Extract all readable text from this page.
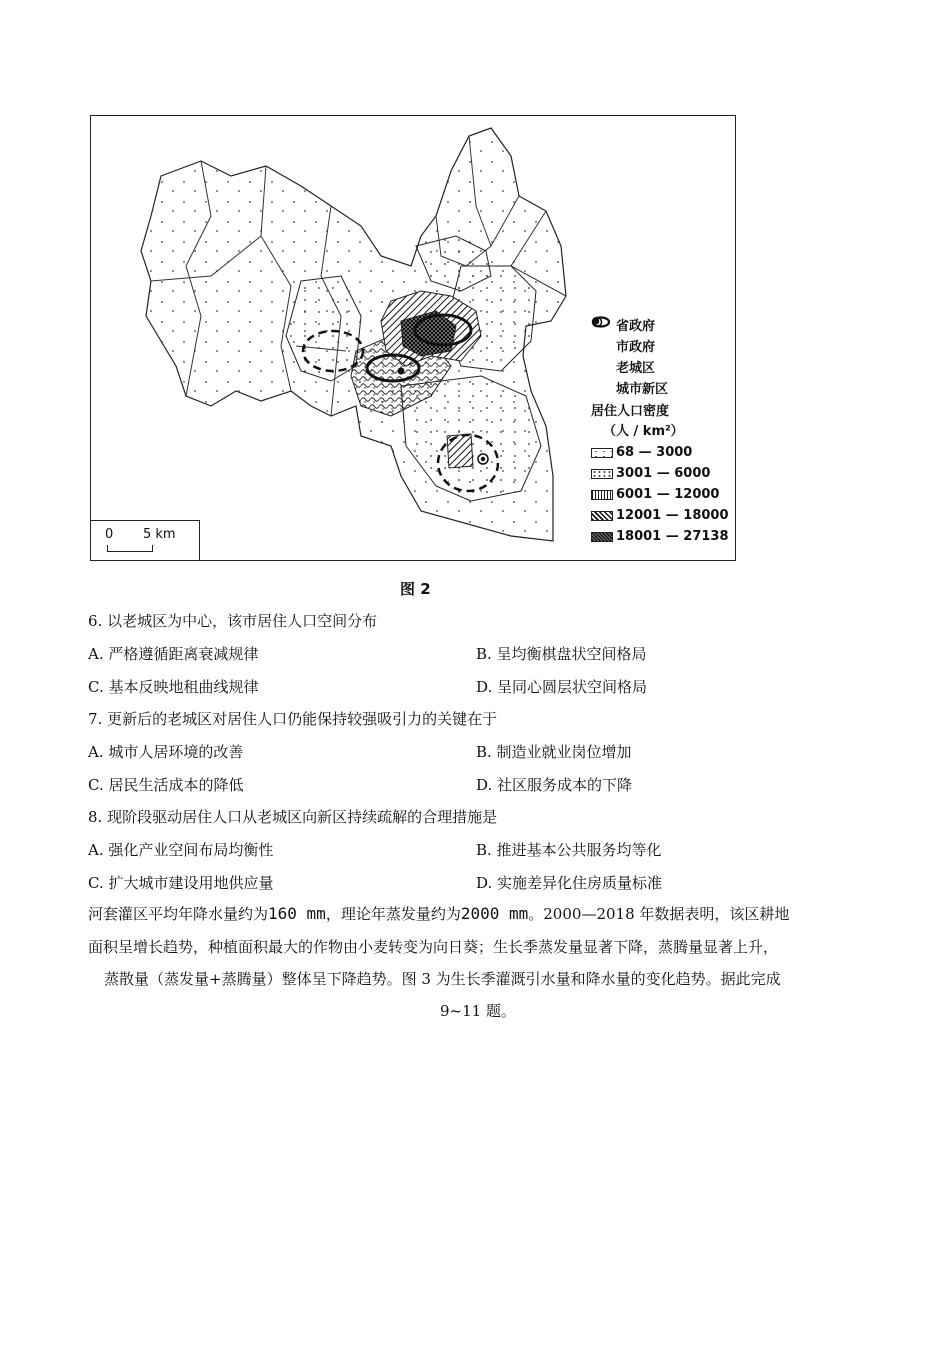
省政府
市政府
老城区
城市新区
居住人口密度
（人 / km²）
68 — 3000
3001 — 6000
6001 — 12000
12001 — 18000
18001 — 27138
0 5 km
图 2
6. 以老城区为中心，该市居住人口空间分布
A. 严格遵循距离衰减规律	B. 呈均衡棋盘状空间格局
C. 基本反映地租曲线规律	D. 呈同心圆层状空间格局
7. 更新后的老城区对居住人口仍能保持较强吸引力的关键在于
A. 城市人居环境的改善	B. 制造业就业岗位增加
C. 居民生活成本的降低	D. 社区服务成本的下降
8. 现阶段驱动居住人口从老城区向新区持续疏解的合理措施是
A. 强化产业空间布局均衡性	B. 推进基本公共服务均等化
C. 扩大城市建设用地供应量	D. 实施差异化住房质量标准
河套灌区平均年降水量约为160 mm，理论年蒸发量约为2000 mm。2000—2018 年数据表明，该区耕地
面积呈增长趋势，种植面积最大的作物由小麦转变为向日葵；生长季蒸发量显著下降，蒸腾量显著上升，
蒸散量（蒸发量+蒸腾量）整体呈下降趋势。图 3 为生长季灌溉引水量和降水量的变化趋势。据此完成
9~11 题。
